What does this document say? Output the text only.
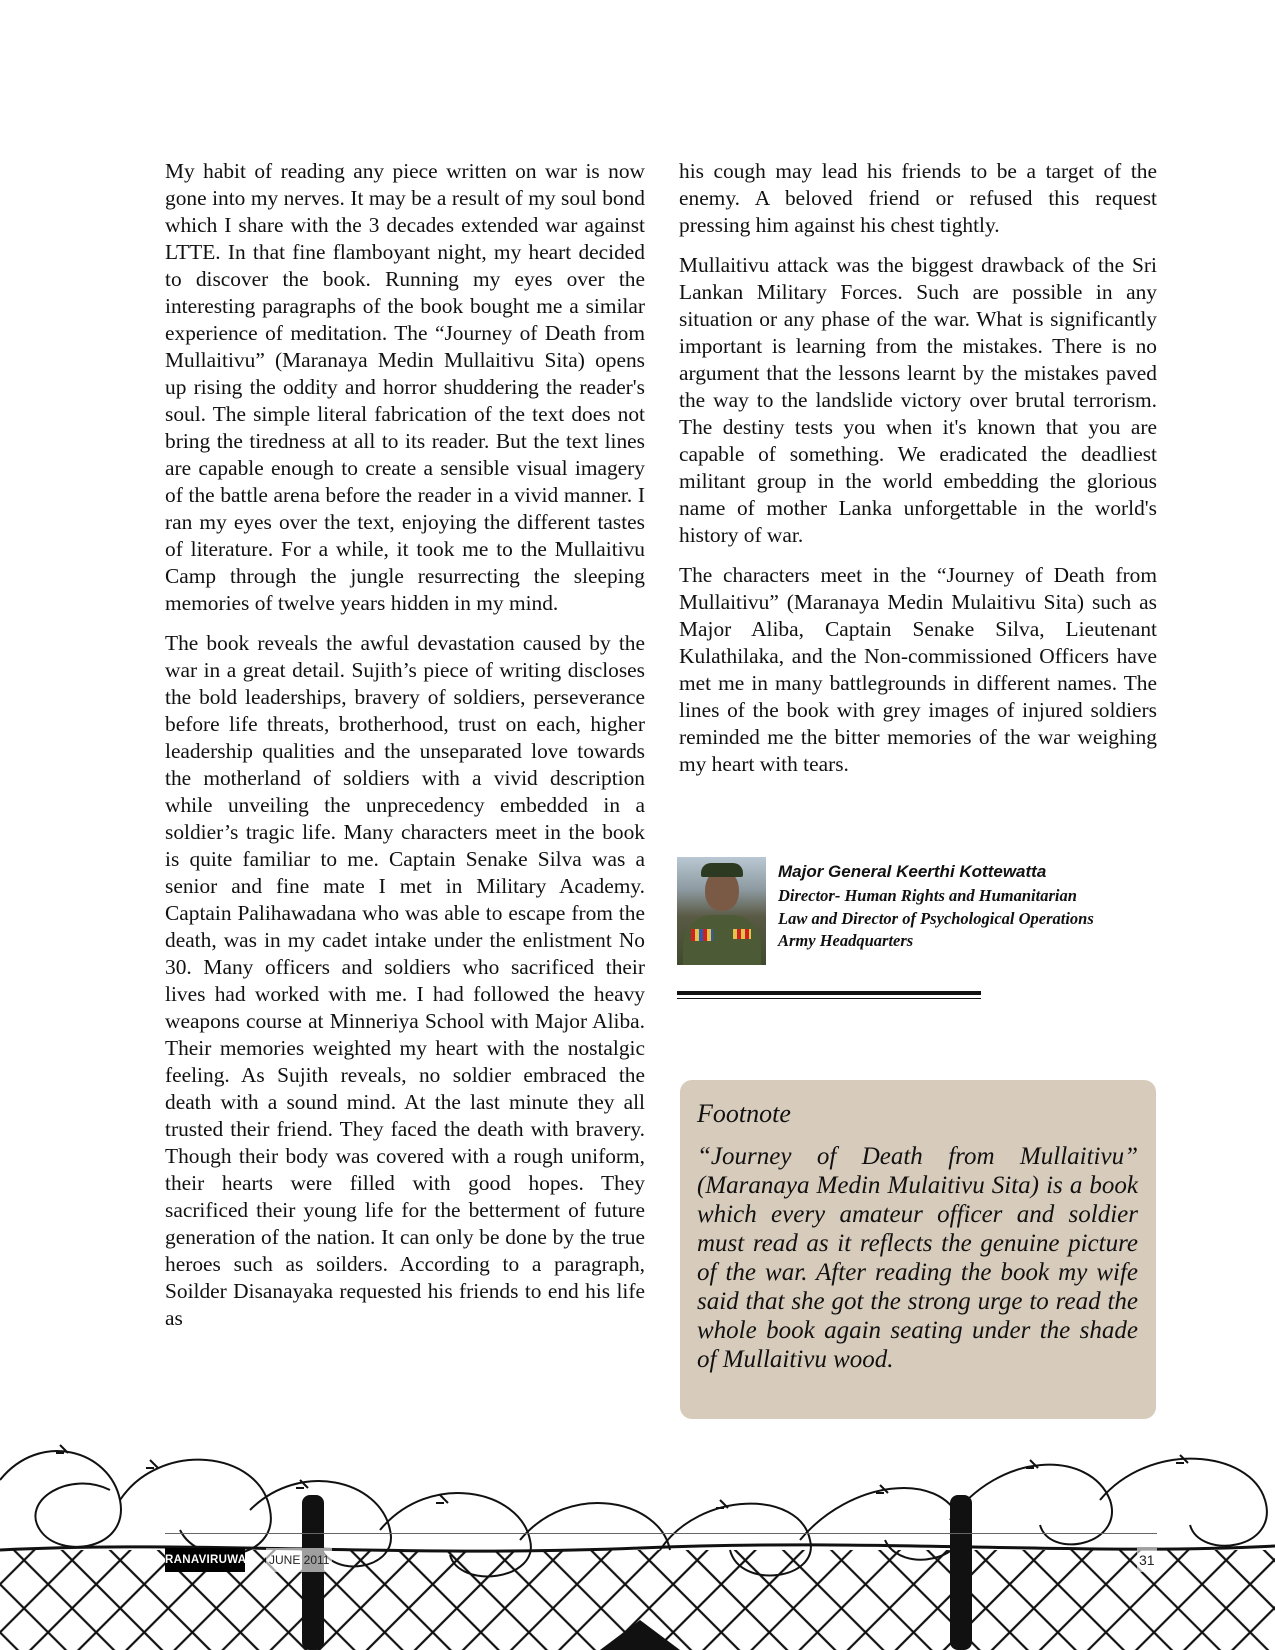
My habit of reading any piece written on war is now gone into my nerves. It may be a result of my soul bond which I share with the 3 decades extended war against LTTE. In that fine flamboyant night, my heart decided to discover the book. Running my eyes over the interesting paragraphs of the book bought me a similar experience of meditation. The “Journey of Death from Mullaitivu” (Maranaya Medin Mullaitivu Sita) opens up rising the oddity and horror shuddering the reader's soul. The simple literal fabrication of the text does not bring the tiredness at all to its reader. But the text lines are capable enough to create a sensible visual imagery of the battle arena before the reader in a vivid manner. I ran my eyes over the text, enjoying the different tastes of literature. For a while, it took me to the Mullaitivu Camp through the jungle resurrecting the sleeping memories of twelve years hidden in my mind.

The book reveals the awful devastation caused by the war in a great detail. Sujith’s piece of writing discloses the bold leaderships, bravery of soldiers, perseverance before life threats, brotherhood, trust on each, higher leadership qualities and the unseparated love towards the motherland of soldiers with a vivid description while unveiling the unprecedency embedded in a soldier’s tragic life. Many characters meet in the book is quite familiar to me. Captain Senake Silva was a senior and fine mate I met in Military Academy. Captain Palihawadana who was able to escape from the death, was in my cadet intake under the enlistment No 30. Many officers and soldiers who sacrificed their lives had worked with me. I had followed the heavy weapons course at Minneriya School with Major Aliba. Their memories weighted my heart with the nostalgic feeling. As Sujith reveals, no soldier embraced the death with a sound mind. At the last minute they all trusted their friend. They faced the death with bravery. Though their body was covered with a rough uniform, their hearts were filled with good hopes. They sacrificed their young life for the betterment of future generation of the nation. It can only be done by the true heroes such as soilders. According to a paragraph, Soilder Disanayaka requested his friends to end his life as

his cough may lead his friends to be a target of the enemy. A beloved friend or refused this request pressing him against his chest tightly.

Mullaitivu attack was the biggest drawback of the Sri Lankan Military Forces. Such are possible in any situation or any phase of the war. What is significantly important is learning from the mistakes. There is no argument that the lessons learnt by the mistakes paved the way to the landslide victory over brutal terrorism. The destiny tests you when it's known that you are capable of something. We eradicated the deadliest militant group in the world embedding the glorious name of mother Lanka unforgettable in the world's history of war.

The characters meet in the “Journey of Death from Mullaitivu” (Maranaya Medin Mulaitivu Sita) such as Major Aliba, Captain Senake Silva, Lieutenant Kulathilaka, and the Non-commissioned Officers have met me in many battlegrounds in different names. The lines of the book with grey images of injured soldiers reminded me the bitter memories of the war weighing my heart with tears.

Major General Keerthi Kottewatta
Director- Human Rights and Humanitarian
Law and Director of Psychological Operations
Army Headquarters
Footnote
“Journey of Death from Mullaitivu” (Maranaya Medin Mulaitivu Sita) is a book which every amateur officer and soldier must read as it reflects the genuine picture of the war. After reading the book my wife said that she got the strong urge to read the whole book again seating under the shade of Mullaitivu wood.
RANAVIRUWA JUNE 2011	31
